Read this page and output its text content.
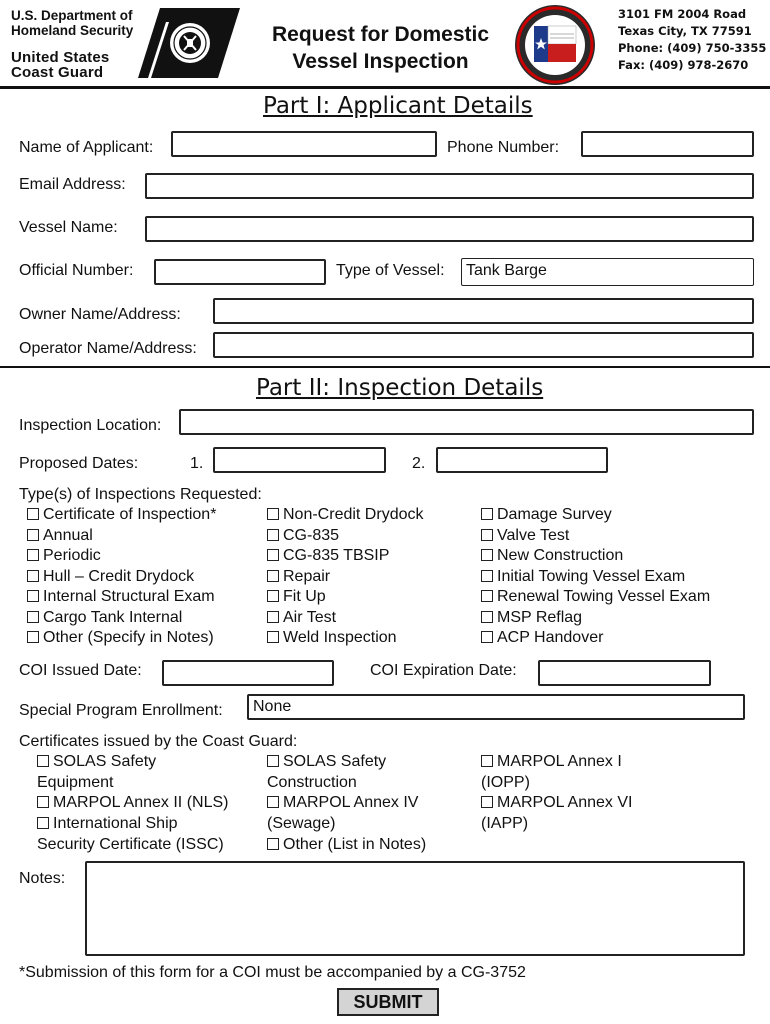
U.S. Department of
Homeland Security
United States
Coast Guard
Request for Domestic
Vessel Inspection
3101 FM 2004 Road
Texas City, TX 77591
Phone: (409) 750-3355
Fax: (409) 978-2670
Part I: Applicant Details
Name of Applicant:	Phone Number:
Email Address:
Vessel Name:
Official Number:	Type of Vessel: Tank Barge
Owner Name/Address:
Operator Name/Address:
Part II: Inspection Details
Inspection Location:
Proposed Dates:	1.	2.
Type(s) of Inspections Requested:
Certificate of Inspection*
Annual
Periodic
Hull – Credit Drydock
Internal Structural Exam
Cargo Tank Internal
Other (Specify in Notes)
Non-Credit Drydock
CG-835
CG-835 TBSIP
Repair
Fit Up
Air Test
Weld Inspection
Damage Survey
Valve Test
New Construction
Initial Towing Vessel Exam
Renewal Towing Vessel Exam
MSP Reflag
ACP Handover
COI Issued Date:	COI Expiration Date:
Special Program Enrollment: None
Certificates issued by the Coast Guard:
SOLAS Safety
Equipment
MARPOL Annex II (NLS)
International Ship
Security Certificate (ISSC)
SOLAS Safety
Construction
MARPOL Annex IV
(Sewage)
Other (List in Notes)
MARPOL Annex I
(IOPP)
MARPOL Annex VI
(IAPP)
Notes:
*Submission of this form for a COI must be accompanied by a CG-3752
SUBMIT
